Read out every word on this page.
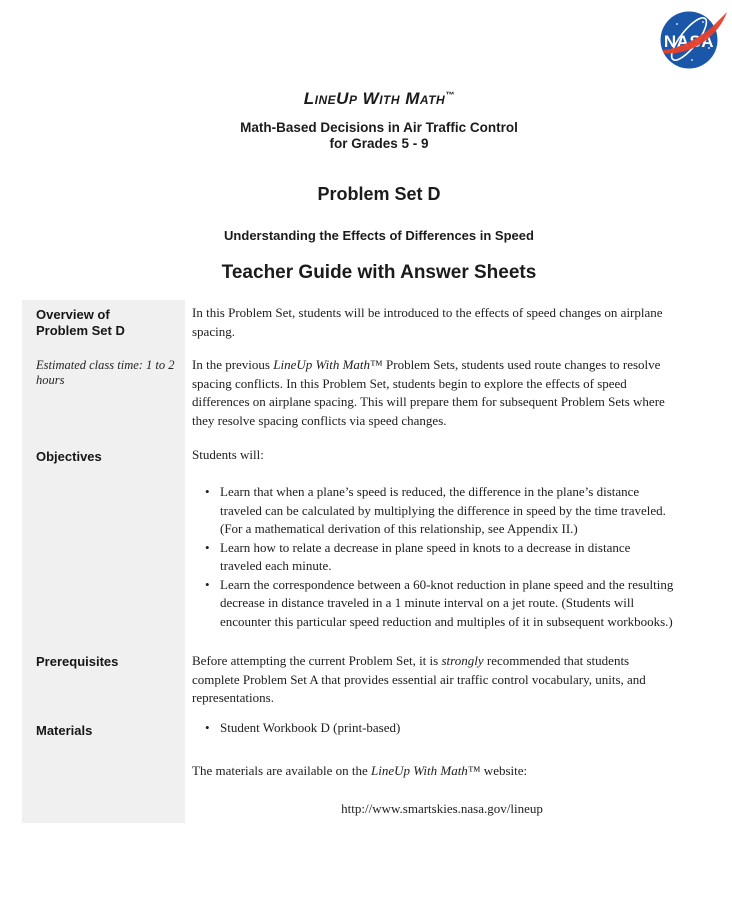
NASA
LineUp With Math™
Math-Based Decisions in Air Traffic Control
for Grades 5 - 9
Problem Set D
Understanding the Effects of Differences in Speed
Teacher Guide with Answer Sheets
Overview of Problem Set D
Estimated class time: 1 to 2 hours
Objectives
Prerequisites
Materials
In this Problem Set, students will be introduced to the effects of speed changes on airplane spacing.
In the previous LineUp With Math™ Problem Sets, students used route changes to resolve spacing conflicts. In this Problem Set, students begin to explore the effects of speed differences on airplane spacing. This will prepare them for subsequent Problem Sets where they resolve spacing conflicts via speed changes.
Students will:
• Learn that when a plane’s speed is reduced, the difference in the plane’s distance traveled can be calculated by multiplying the difference in speed by the time traveled. (For a mathematical derivation of this relationship, see Appendix II.)
• Learn how to relate a decrease in plane speed in knots to a decrease in distance traveled each minute.
• Learn the correspondence between a 60-knot reduction in plane speed and the resulting decrease in distance traveled in a 1 minute interval on a jet route. (Students will encounter this particular speed reduction and multiples of it in subsequent workbooks.)
Before attempting the current Problem Set, it is strongly recommended that students complete Problem Set A that provides essential air traffic control vocabulary, units, and representations.
• Student Workbook D (print-based)
The materials are available on the LineUp With Math™ website:
http://www.smartskies.nasa.gov/lineup
